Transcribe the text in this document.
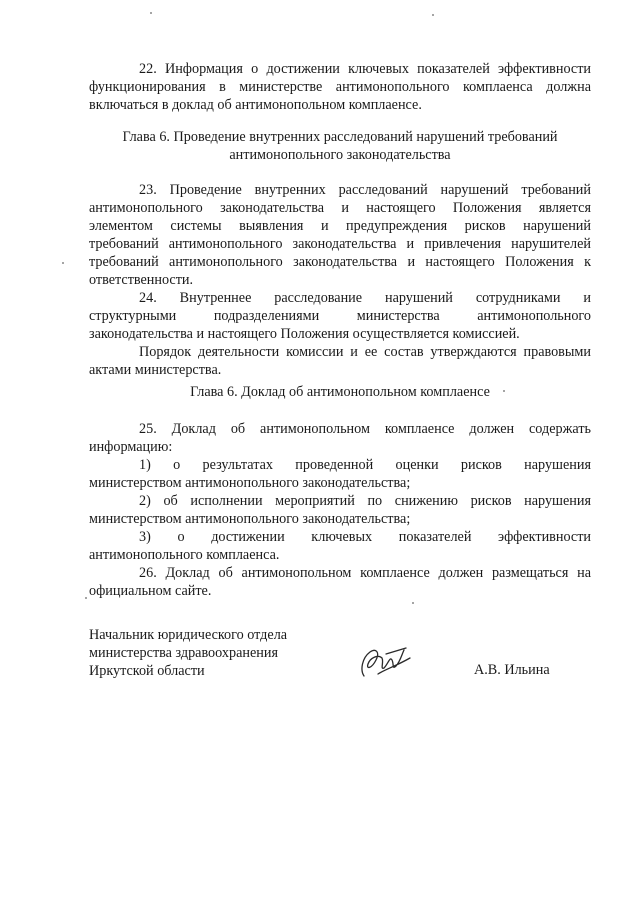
22. Информация о достижении ключевых показателей эффективности
функционирования в министерстве антимонопольного комплаенса должна
включаться в доклад об антимонопольном комплаенсе.
Глава 6. Проведение внутренних расследований нарушений требований
антимонопольного законодательства
23. Проведение внутренних расследований нарушений требований
антимонопольного законодательства и настоящего Положения является
элементом системы выявления и предупреждения рисков нарушений
требований антимонопольного законодательства и привлечения нарушителей
требований антимонопольного законодательства и настоящего Положения к
ответственности.
24. Внутреннее расследование нарушений сотрудниками и
структурными подразделениями министерства антимонопольного
законодательства и настоящего Положения осуществляется комиссией.
Порядок деятельности комиссии и ее состав утверждаются правовыми
актами министерства.
Глава 6. Доклад об антимонопольном комплаенсе
25. Доклад об антимонопольном комплаенсе должен содержать
информацию:
1) о результатах проведенной оценки рисков нарушения
министерством антимонопольного законодательства;
2) об исполнении мероприятий по снижению рисков нарушения
министерством антимонопольного законодательства;
3) о достижении ключевых показателей эффективности
антимонопольного комплаенса.
26. Доклад об антимонопольном комплаенсе должен размещаться на
официальном сайте.
Начальник юридического отдела
министерства здравоохранения
Иркутской области	А.В. Ильина
